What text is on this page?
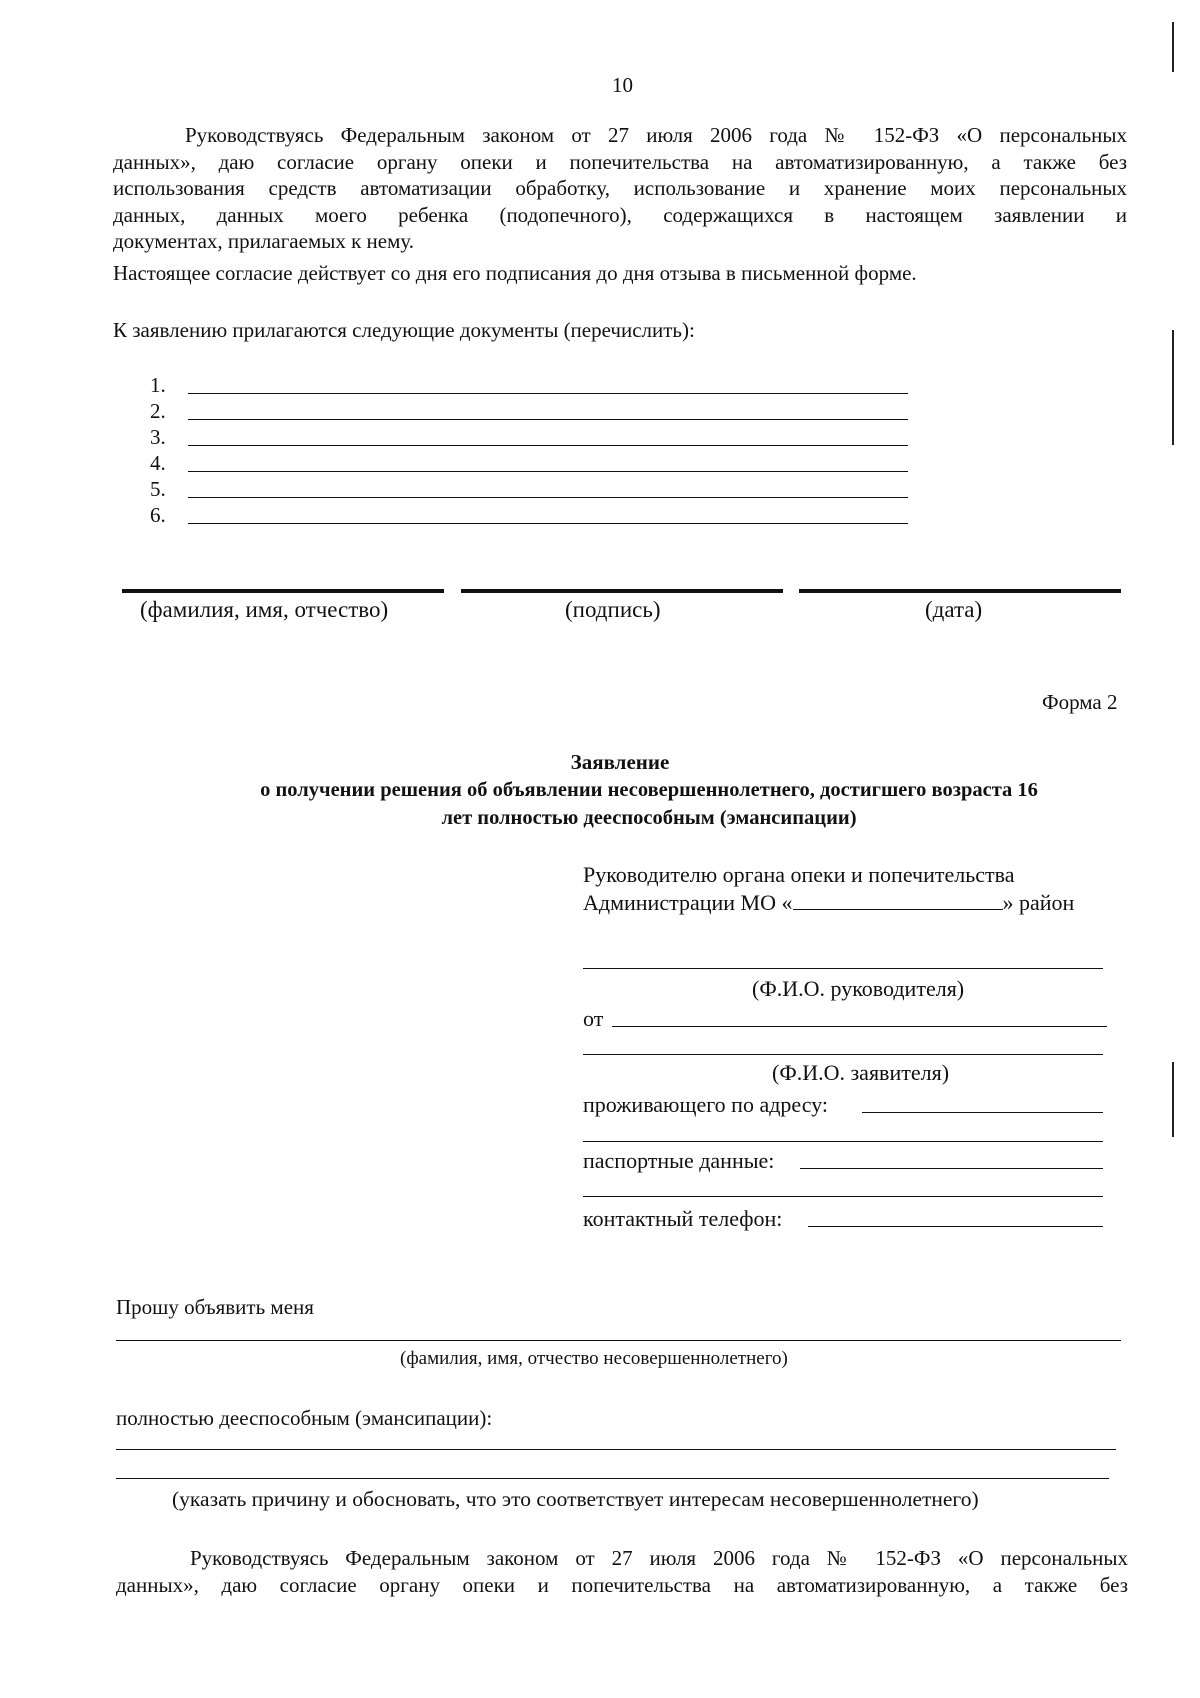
10
Руководствуясь Федеральным законом от 27 июля 2006 года № 152-ФЗ «О персональных
данных», даю согласие органу опеки и попечительства на автоматизированную, а также без
использования средств автоматизации обработку, использование и хранение моих персональных
данных, данных моего ребенка (подопечного), содержащихся в настоящем заявлении и
документах, прилагаемых к нему.
Настоящее согласие действует со дня его подписания до дня отзыва в письменной форме.
К заявлению прилагаются следующие документы (перечислить):
1.
2.
3.
4.
5.
6.
(фамилия, имя, отчество)	(подпись)	(дата)
Форма 2
Заявление
о получении решения об объявлении несовершеннолетнего, достигшего возраста 16
лет полностью дееспособным (эмансипации)
Руководителю органа опеки и попечительства
Администрации МО «	» район
(Ф.И.О. руководителя)
от
(Ф.И.О. заявителя)
проживающего по адресу:
паспортные данные:
контактный телефон:
Прошу объявить меня
(фамилия, имя, отчество несовершеннолетнего)
полностью дееспособным (эмансипации):
(указать причину и обосновать, что это соответствует интересам несовершеннолетнего)
Руководствуясь Федеральным законом от 27 июля 2006 года № 152-ФЗ «О персональных
данных», даю согласие органу опеки и попечительства на автоматизированную, а также без
